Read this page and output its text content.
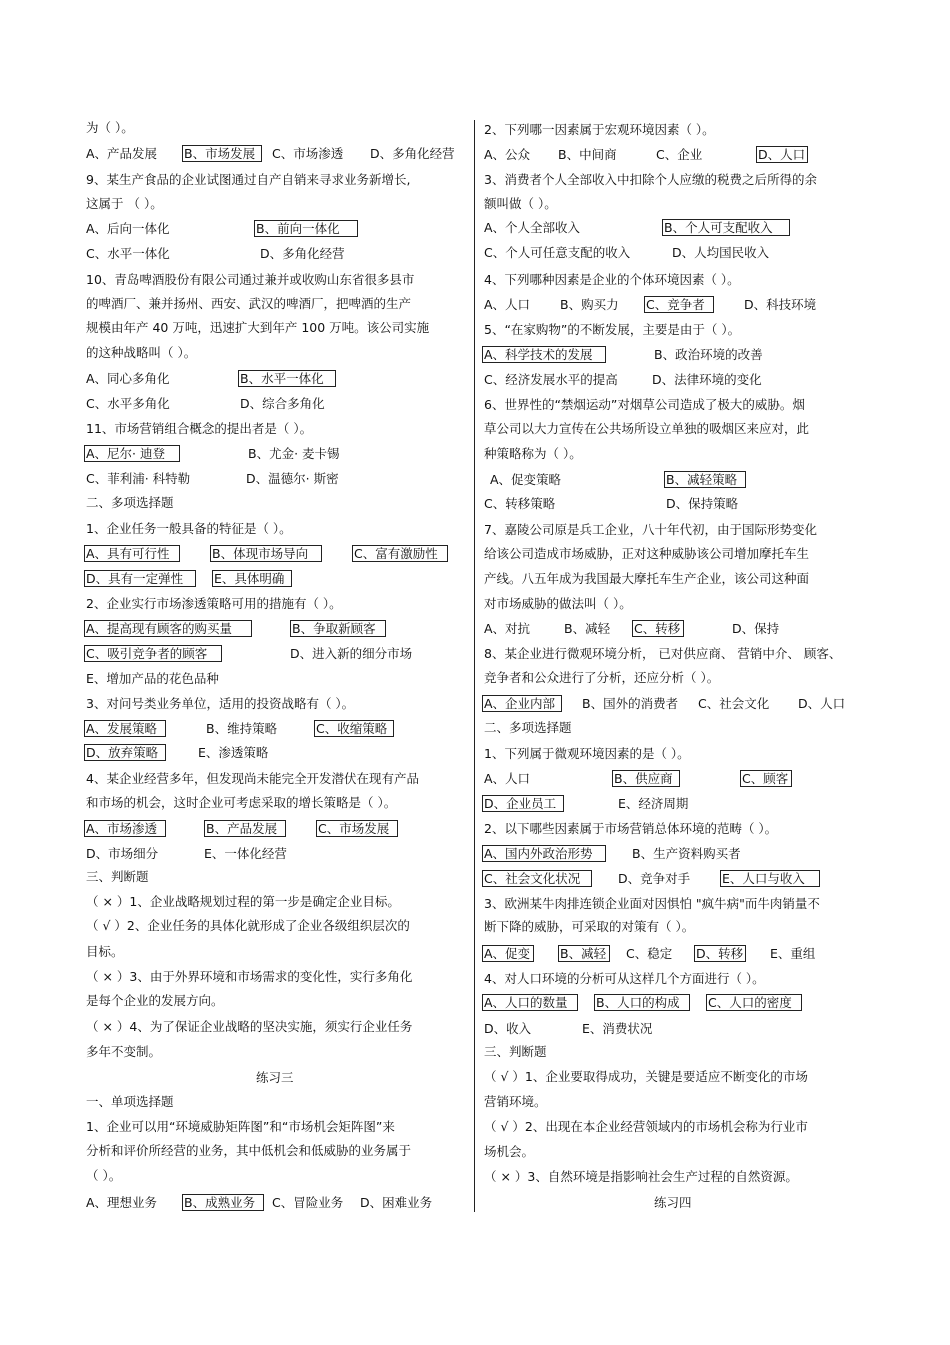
为（ ）。
A、产品发展 B、市场发展 C、市场渗透 D、多角化经营
9、某生产食品的企业试图通过自产自销来寻求业务新增长,
这属于 （ ）。
A、后向一体化	B、前向一体化
C、水平一体化	D、多角化经营
10、青岛啤酒股份有限公司通过兼并或收购山东省很多县市
的啤酒厂、兼并扬州、西安、武汉的啤酒厂，把啤酒的生产
规模由年产 40 万吨，迅速扩大到年产 100 万吨。该公司实施
的这种战略叫（ ）。
A、同心多角化	B、水平一体化
C、水平多角化	D、综合多角化
11、市场营销组合概念的提出者是（ ）。
A、尼尔· 迪登	B、尤金· 麦卡锡
C、菲利浦· 科特勒	D、温德尔· 斯密
二、多项选择题
1、企业任务一般具备的特征是（ ）。
A、具有可行性	B、体现市场导向	C、富有激励性
D、具有一定弹性 E、具体明确
2、企业实行市场渗透策略可用的措施有（ ）。
A、提高现有顾客的购买量	B、争取新顾客
C、吸引竞争者的顾客	D、进入新的细分市场
E、增加产品的花色品种
3、对问号类业务单位，适用的投资战略有（ ）。
A、发展策略	B、维持策略	C、收缩策略
D、放弃策略	E、渗透策略
4、某企业经营多年，但发现尚未能完全开发潜伏在现有产品
和市场的机会，这时企业可考虑采取的增长策略是（ ）。
A、市场渗透	B、产品发展	C、市场发展
D、市场细分	E、一体化经营
三、判断题
（ × ）1、企业战略规划过程的第一步是确定企业目标。
（ √ ）2、企业任务的具体化就形成了企业各级组织层次的
目标。
（ × ）3、由于外界环境和市场需求的变化性，实行多角化
是每个企业的发展方向。
（ × ）4、为了保证企业战略的坚决实施，须实行企业任务
多年不变制。
练习三
一、单项选择题
1、企业可以用“环境威胁矩阵图”和“市场机会矩阵图”来
分析和评价所经营的业务，其中低机会和低威胁的业务属于
（ ）。
A、理想业务 B、成熟业务 C、冒险业务 D、困难业务
2、下列哪一因素属于宏观环境因素（ ）。
A、公众 B、中间商	C、企业	D、人口
3、消费者个人全部收入中扣除个人应缴的税费之后所得的余
额叫做（ ）。
A、个人全部收入	B、个人可支配收入
C、个人可任意支配的收入	D、人均国民收入
4、下列哪种因素是企业的个体环境因素（ ）。
A、人口 B、购买力 C、竞争者	D、科技环境
5、“在家购物”的不断发展，主要是由于（ ）。
A、科学技术的发展	B、政治环境的改善
C、经济发展水平的提高	D、法律环境的变化
6、世界性的“禁烟运动”对烟草公司造成了极大的威胁。烟
草公司以大力宣传在公共场所设立单独的吸烟区来应对，此
种策略称为（ ）。
A、促变策略	B、减轻策略
C、转移策略	D、保持策略
7、嘉陵公司原是兵工企业，八十年代初，由于国际形势变化
给该公司造成市场威胁，正对这种威胁该公司增加摩托车生
产线。八五年成为我国最大摩托车生产企业，该公司这种面
对市场威胁的做法叫（ ）。
A、对抗	B、减轻 C、转移	D、保持
8、某企业进行微观环境分析， 已对供应商、 营销中介、 顾客、
竞争者和公众进行了分析，还应分析（ ）。
A、企业内部 B、国外的消费者 C、社会文化 D、人口
二、多项选择题
1、下列属于微观环境因素的是（ ）。
A、人口	B、供应商	C、顾客
D、企业员工	E、经济周期
2、以下哪些因素属于市场营销总体环境的范畴（ ）。
A、国内外政治形势	B、生产资料购买者
C、社会文化状况	D、竞争对手	E、人口与收入
3、欧洲某牛肉排连锁企业面对因惧怕 "疯牛病"而牛肉销量不
断下降的威胁，可采取的对策有（ ）。
A、促变 B、减轻 C、稳定 D、转移 E、重组
4、对人口环境的分析可从这样几个方面进行（ ）。
A、人口的数量 B、人口的构成 C、人口的密度
D、收入	E、消费状况
三、判断题
（ √ ）1、企业要取得成功，关键是要适应不断变化的市场
营销环境。
（ √ ）2、出现在本企业经营领域内的市场机会称为行业市
场机会。
（ × ）3、自然环境是指影响社会生产过程的自然资源。
练习四
